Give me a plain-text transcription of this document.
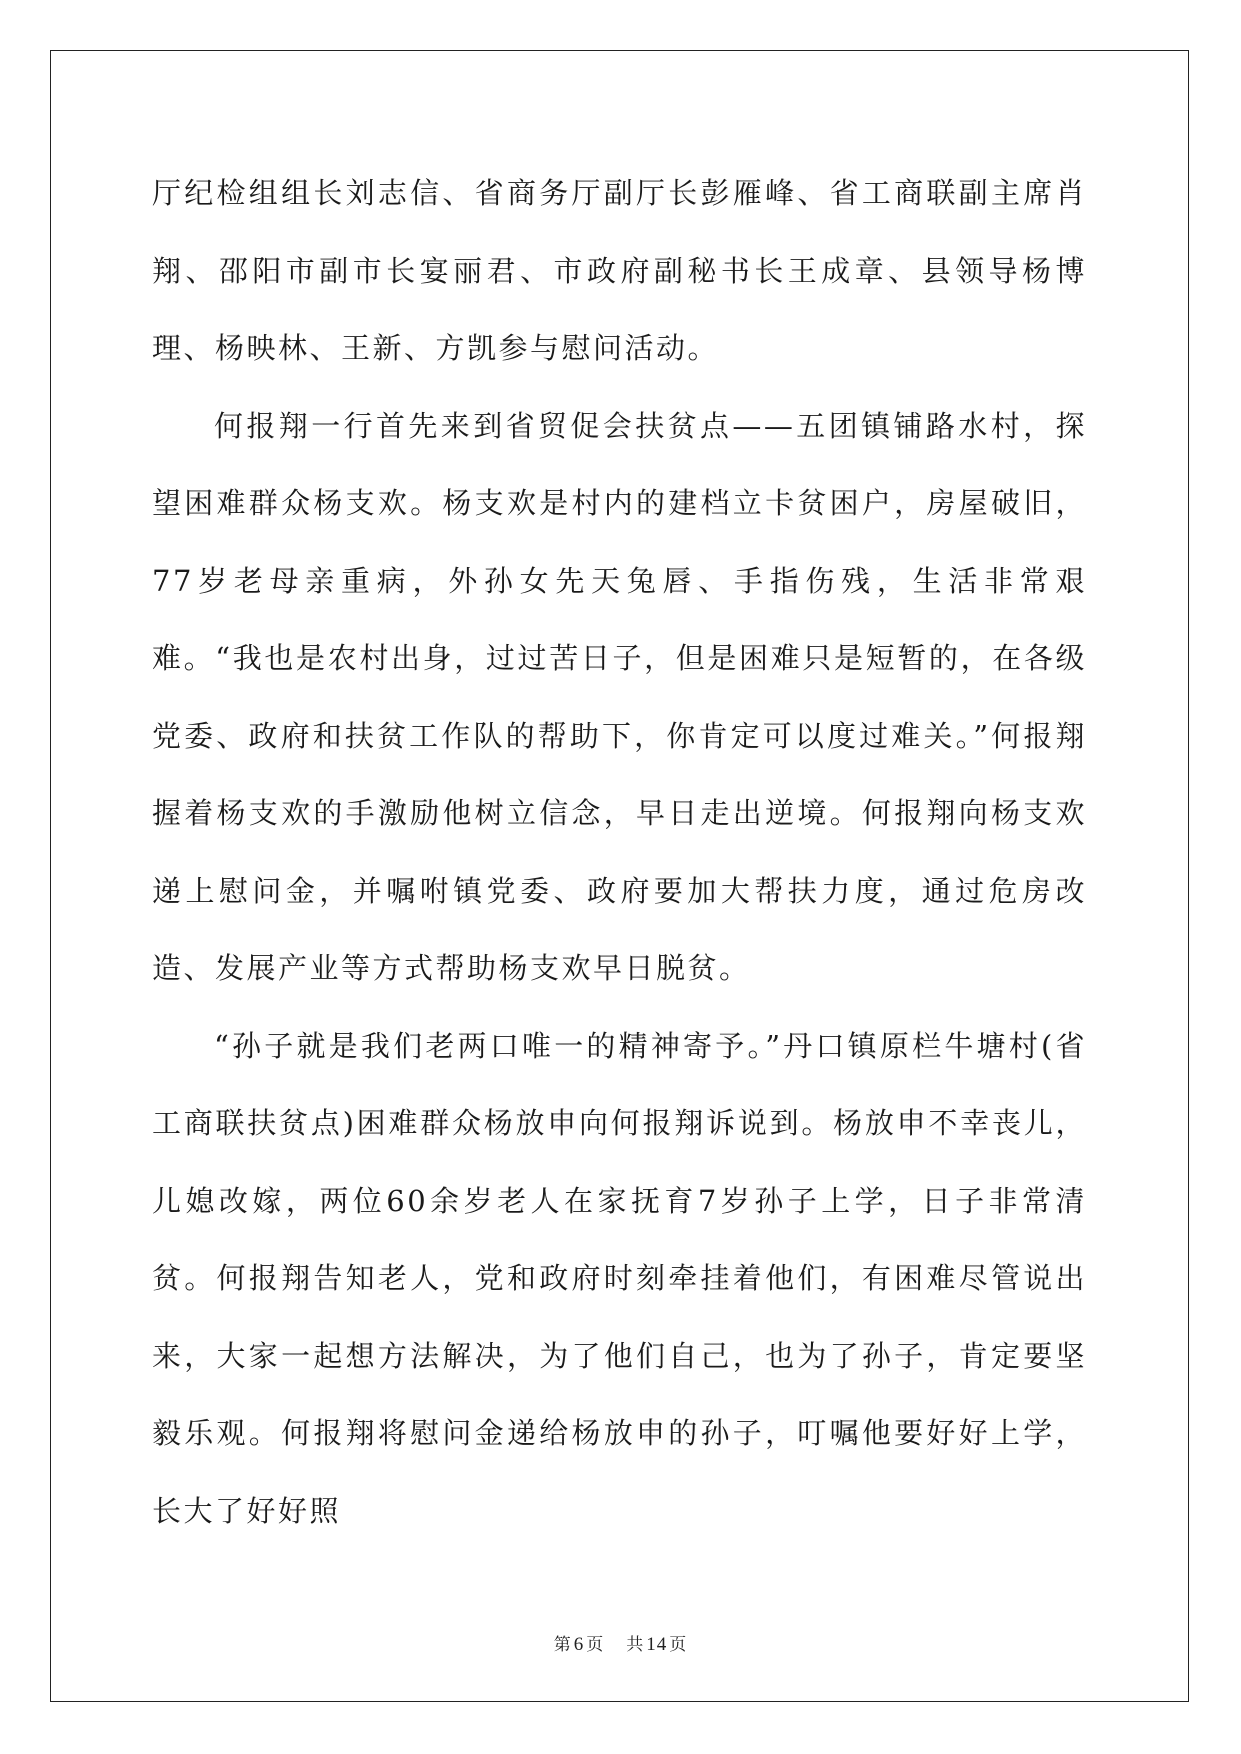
厅纪检组组长刘志信、省商务厅副厅长彭雁峰、省工商联副主席肖翔、邵阳市副市长宴丽君、市政府副秘书长王成章、县领导杨博理、杨映林、王新、方凯参与慰问活动。

何报翔一行首先来到省贸促会扶贫点——五团镇铺路水村，探望困难群众杨支欢。杨支欢是村内的建档立卡贫困户，房屋破旧，77岁老母亲重病，外孙女先天兔唇、手指伤残，生活非常艰难。“我也是农村出身，过过苦日子，但是困难只是短暂的，在各级党委、政府和扶贫工作队的帮助下，你肯定可以度过难关。”何报翔握着杨支欢的手激励他树立信念，早日走出逆境。何报翔向杨支欢递上慰问金，并嘱咐镇党委、政府要加大帮扶力度，通过危房改造、发展产业等方式帮助杨支欢早日脱贫。

“孙子就是我们老两口唯一的精神寄予。”丹口镇原栏牛塘村(省工商联扶贫点)困难群众杨放申向何报翔诉说到。杨放申不幸丧儿，儿媳改嫁，两位60余岁老人在家抚育7岁孙子上学，日子非常清贫。何报翔告知老人，党和政府时刻牵挂着他们，有困难尽管说出来，大家一起想方法解决，为了他们自己，也为了孙子，肯定要坚毅乐观。何报翔将慰问金递给杨放申的孙子，叮嘱他要好好上学，长大了好好照

第 6 页 共 14 页
